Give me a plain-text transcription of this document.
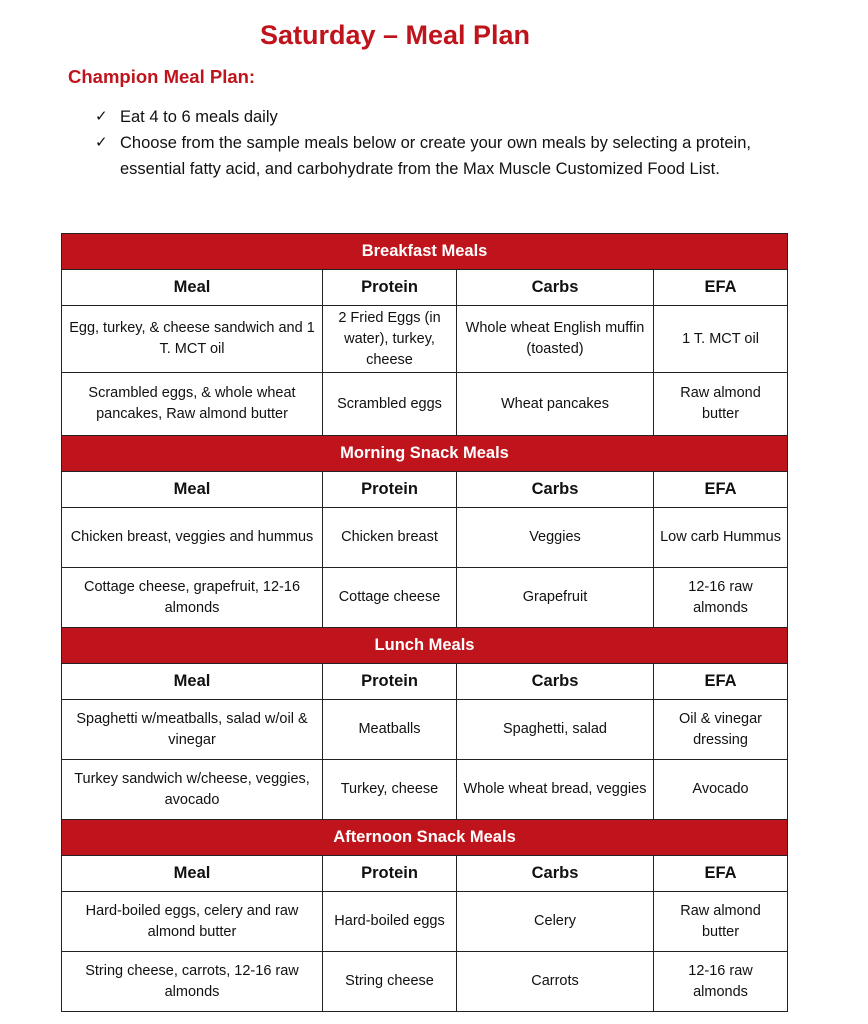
Saturday – Meal Plan
Champion Meal Plan:
✓ Eat 4 to 6 meals daily
✓ Choose from the sample meals below or create your own meals by selecting a protein, essential fatty acid, and carbohydrate from the Max Muscle Customized Food List.
Breakfast Meals			
Meal	Protein	Carbs	EFA
Egg, turkey, & cheese sandwich and 1 T. MCT oil	2 Fried Eggs (in water), turkey, cheese	Whole wheat English muffin (toasted)	1 T. MCT oil
Scrambled eggs, & whole wheat pancakes, Raw almond butter	Scrambled eggs	Wheat pancakes	Raw almond butter
Morning Snack Meals			
Meal	Protein	Carbs	EFA
Chicken breast, veggies and hummus	Chicken breast	Veggies	Low carb Hummus
Cottage cheese, grapefruit, 12-16 almonds	Cottage cheese	Grapefruit	12-16 raw almonds
Lunch Meals			
Meal	Protein	Carbs	EFA
Spaghetti w/meatballs, salad w/oil & vinegar	Meatballs	Spaghetti, salad	Oil & vinegar dressing
Turkey sandwich w/cheese, veggies, avocado	Turkey, cheese	Whole wheat bread, veggies	Avocado
Afternoon Snack Meals			
Meal	Protein	Carbs	EFA
Hard-boiled eggs, celery and raw almond butter	Hard-boiled eggs	Celery	Raw almond butter
String cheese, carrots, 12-16 raw almonds	String cheese	Carrots	12-16 raw almonds
